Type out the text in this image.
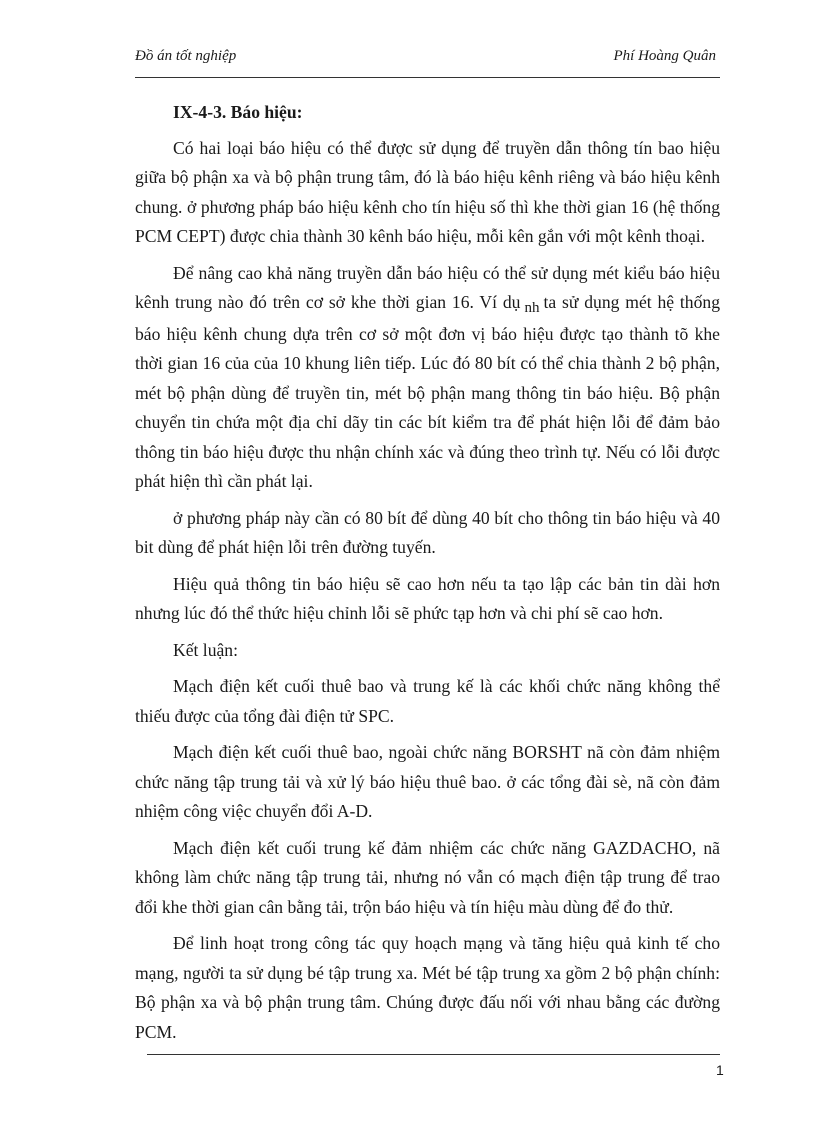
Đồ án tốt nghiệp	Phí Hoàng Quân
IX-4-3. Báo hiệu:

Có hai loại báo hiệu có thể được sử dụng để truyền dẫn thông tín bao hiệu giữa bộ phận xa và bộ phận trung tâm, đó là báo hiệu kênh riêng và báo hiệu kênh chung. ở phương pháp báo hiệu kênh cho tín hiệu số thì khe thời gian 16 (hệ thống PCM CEPT) được chia thành 30 kênh báo hiệu, mỗi kên gắn với một kênh thoại.

Để nâng cao khả năng truyền dẫn báo hiệu có thể sử dụng mét kiểu báo hiệu kênh trung nào đó trên cơ sở khe thời gian 16. Ví dụ nh ta sử dụng mét hệ thống báo hiệu kênh chung dựa trên cơ sở một đơn vị báo hiệu được tạo thành tõ khe thời gian 16 của của 10 khung liên tiếp. Lúc đó 80 bít có thể chia thành 2 bộ phận, mét bộ phận dùng để truyền tin, mét bộ phận mang thông tin báo hiệu. Bộ phận chuyển tin chứa một địa chỉ dãy tin các bít kiểm tra để phát hiện lỗi để đảm bảo thông tin báo hiệu được thu nhận chính xác và đúng theo trình tự. Nếu có lỗi được phát hiện thì cần phát lại.

ở phương pháp này cần có 80 bít để dùng 40 bít cho thông tin báo hiệu và 40 bit dùng để phát hiện lỗi trên đường tuyến.

Hiệu quả thông tin báo hiệu sẽ cao hơn nếu ta tạo lập các bản tin dài hơn nhưng lúc đó thể thức hiệu chỉnh lỗi sẽ phức tạp hơn và chi phí sẽ cao hơn.

Kết luận:

Mạch điện kết cuối thuê bao và trung kế là các khối chức năng không thể thiếu được của tổng đài điện tử SPC.

Mạch điện kết cuối thuê bao, ngoài chức năng BORSHT nã còn đảm nhiệm chức năng tập trung tải và xử lý báo hiệu thuê bao. ở các tổng đài sè, nã còn đảm nhiệm công việc chuyển đổi A-D.

Mạch điện kết cuối trung kế đảm nhiệm các chức năng GAZDACHO, nã không làm chức năng tập trung tải, nhưng nó vẫn có mạch điện tập trung để trao đổi khe thời gian cân bằng tải, trộn báo hiệu và tín hiệu màu dùng để đo thử.

Để linh hoạt trong công tác quy hoạch mạng và tăng hiệu quả kinh tế cho mạng, người ta sử dụng bé tập trung xa. Mét bé tập trung xa gồm 2 bộ phận chính: Bộ phận xa và bộ phận trung tâm. Chúng được đấu nối với nhau bằng các đường PCM.

1
